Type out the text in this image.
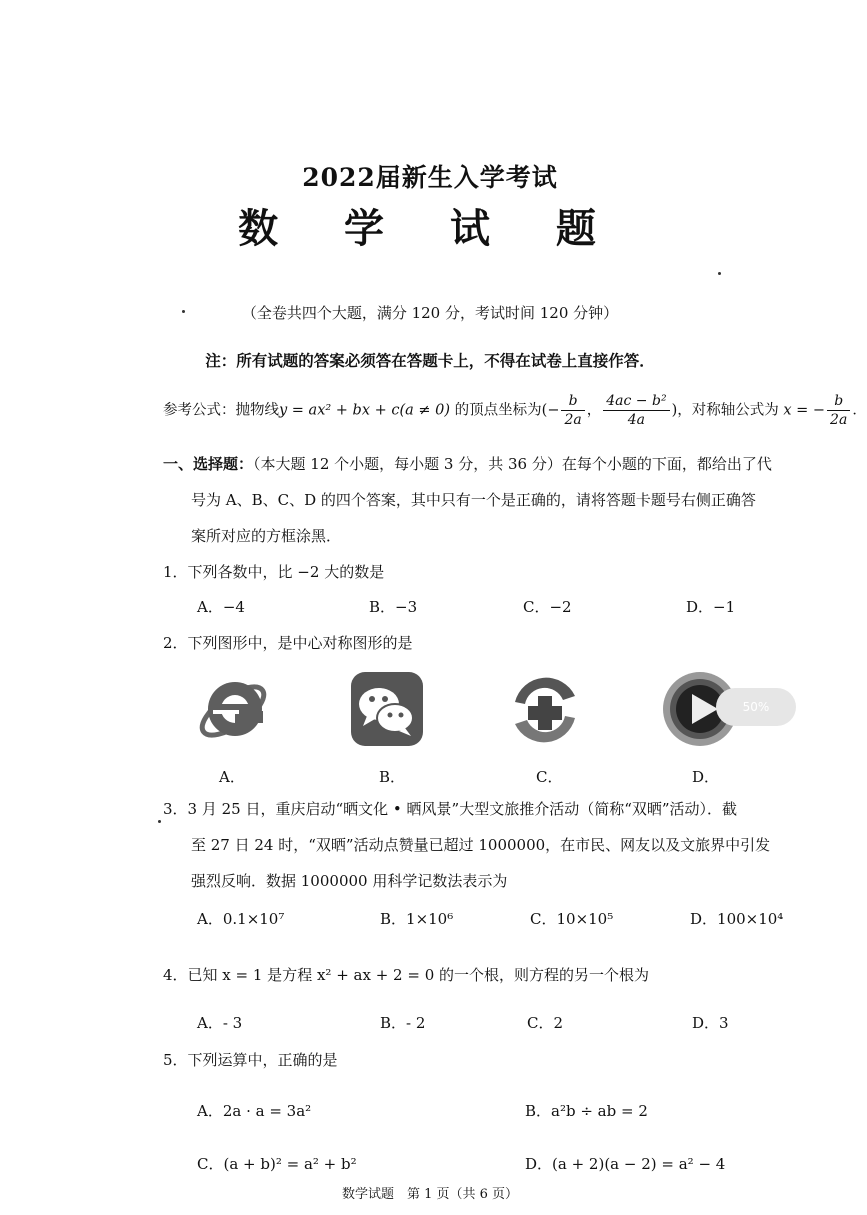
2022届新生入学考试
数 学 试 题
（全卷共四个大题，满分 120 分，考试时间 120 分钟）
注：所有试题的答案必须答在答题卡上，不得在试卷上直接作答．
参考公式：抛物线y = ax² + bx + c(a ≠ 0) 的顶点坐标为(− $\frac{b}{2a}$ ， $\frac{\text{4ac − b²}}{4a}$ )，对称轴公式为 x = − $\frac{b}{2a}$ ．
一、选择题：（本大题 12 个小题，每小题 3 分，共 36 分）在每个小题的下面，都给出了代
号为 A、B、C、D 的四个答案，其中只有一个是正确的，请将答题卡题号右侧正确答
案所对应的方框涂黑．
1．下列各数中，比 −2 大的数是
A．−4	B．−3	C．−2	D．−1
2．下列图形中，是中心对称图形的是
50%
A．	B．	C．	D．
3．3 月 25 日，重庆启动“晒文化 • 晒风景”大型文旅推介活动（简称“双晒”活动）．截
至 27 日 24 时，“双晒”活动点赞量已超过 1000000，在市民、网友以及文旅界中引发
强烈反响．数据 1000000 用科学记数法表示为
A．0.1×10⁷	B．1×10⁶	C．10×10⁵	D．100×10⁴
4．已知 x = 1 是方程 x² + ax + 2 = 0 的一个根，则方程的另一个根为
A．- 3	B．- 2	C．2	D．3
5．下列运算中，正确的是
A．2a · a = 3a²	B．a²b ÷ ab = 2
C．(a + b)² = a² + b²	D．(a + 2)(a − 2) = a² − 4
数学试题　第 1 页（共 6 页）
